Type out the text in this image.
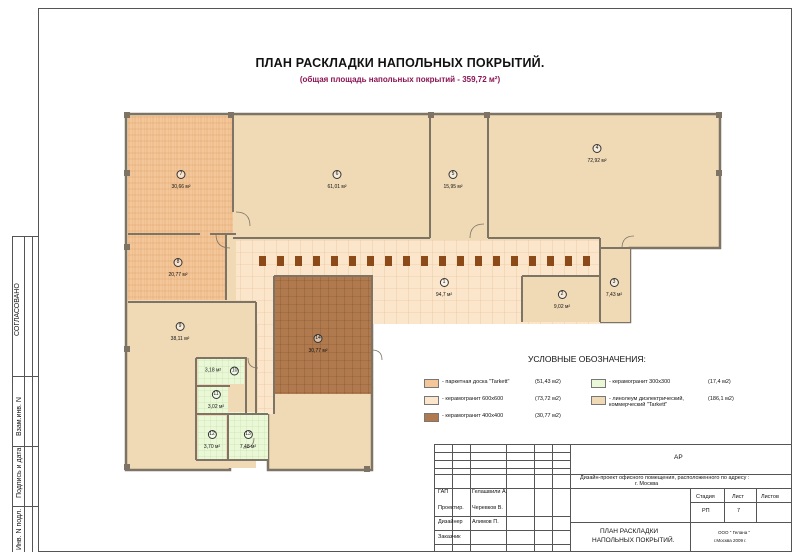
СОГЛАСОВАНО
Взам.инв. N
Подпись и дата
Инв. N подл.
ПЛАН РАСКЛАДКИ НАПОЛЬНЫХ ПОКРЫТИЙ.
(общая площадь напольных покрытий - 359,72 м²)
1
94,7 м²	2
9,02 м²
3
7,43 м²
4
72,92 м²
5
15,95 м²
6
61,01 м²
7
30,66 м²
8
20,77 м²
9
38,11 м²
3,18 м² 10
11
3,02 м²
12
3,70 м²
13
7,48 м²
14
30,77 м²
УСЛОВНЫЕ ОБОЗНАЧЕНИЯ:
- паркетная доска "Tarkett"	(51,43 м2)
- керамогранит 600х600	(73,72 м2)
- керамогранит 400х400	(30,77 м2)
- керамогранит 300х300	(17,4 м2)
- линолеум диэлектрический, коммерческий "Tarkett"
(186,1 м2)
АР
Дизайн-проект офисного помещения, расположенного по адресу :
г. Москва
ГАП	Гелашвили А.
Стадия	Лист	Листов
РП	7
Проектир. Черевков В.
Дизайнер Алимов П.
Заказчик
ПЛАН РАСКЛАДКИ
НАПОЛЬНЫХ ПОКРЫТИЙ.
ООО " Гелана "
г.Москва 2009 г.
